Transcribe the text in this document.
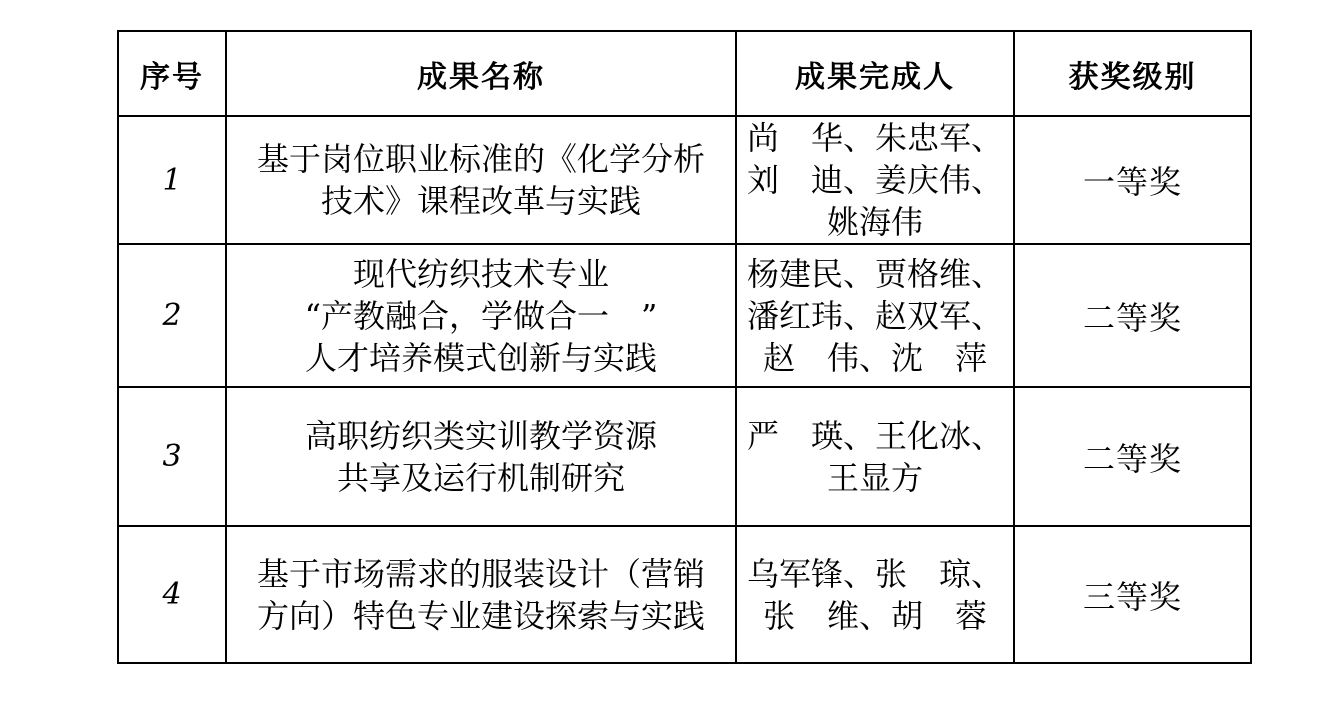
序号	成果名称	成果完成人	获奖级别
1	基于岗位职业标准的《化学分析
技术》课程改革与实践	尚　华、朱忠军、
刘　迪、姜庆伟、
姚海伟	一等奖
2	现代纺织技术专业
“产教融合，学做合一　”
人才培养模式创新与实践	杨建民、贾格维、
潘红玮、赵双军、
赵　伟、沈　萍	二等奖
3	高职纺织类实训教学资源
共享及运行机制研究	严　瑛、王化冰、
王显方	二等奖
4	基于市场需求的服装设计（营销
方向）特色专业建设探索与实践	乌军锋、张　琼、
张　维、胡　蓉	三等奖
